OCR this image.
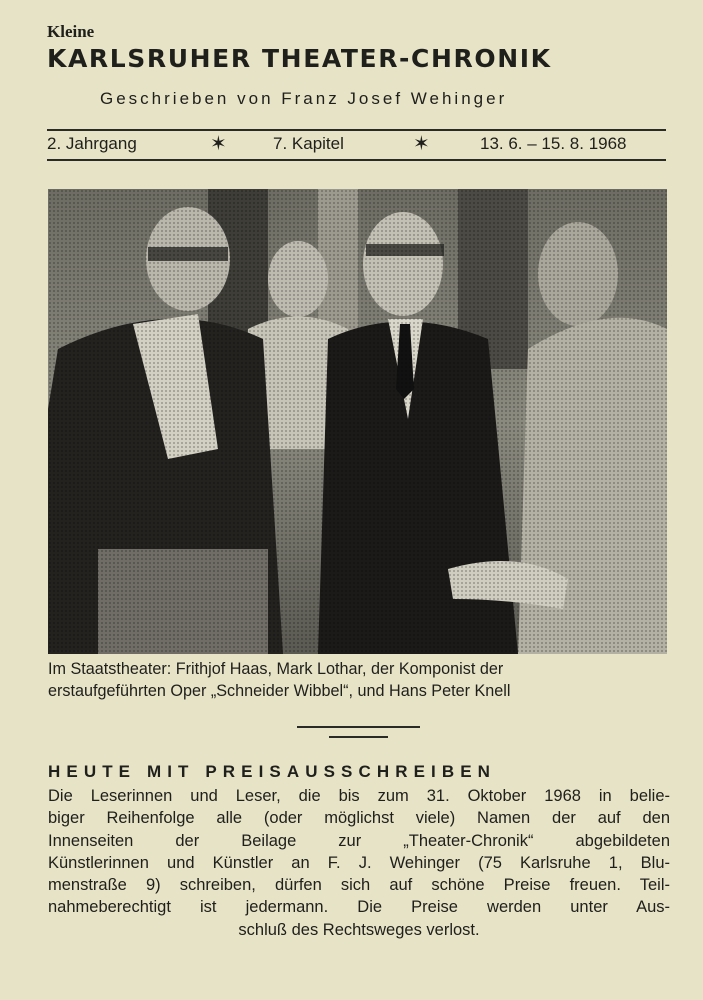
Kleine
KARLSRUHER THEATER-CHRONIK
Geschrieben von Franz Josef Wehinger
2. Jahrgang	✶	7. Kapitel	✶	13. 6. – 15. 8. 1968
Im Staatstheater: Frithjof Haas, Mark Lothar, der Komponist der
erstaufgeführten Oper „Schneider Wibbel“, und Hans Peter Knell
HEUTE MIT PREISAUSSCHREIBEN
Die Leserinnen und Leser, die bis zum 31. Oktober 1968 in belie-
biger Reihenfolge alle (oder möglichst viele) Namen der auf den
Innenseiten der Beilage zur „Theater-Chronik“ abgebildeten
Künstlerinnen und Künstler an F. J. Wehinger (75 Karlsruhe 1, Blu-
menstraße 9) schreiben, dürfen sich auf schöne Preise freuen. Teil-
nahmeberechtigt ist jedermann. Die Preise werden unter Aus-
schluß des Rechtsweges verlost.
